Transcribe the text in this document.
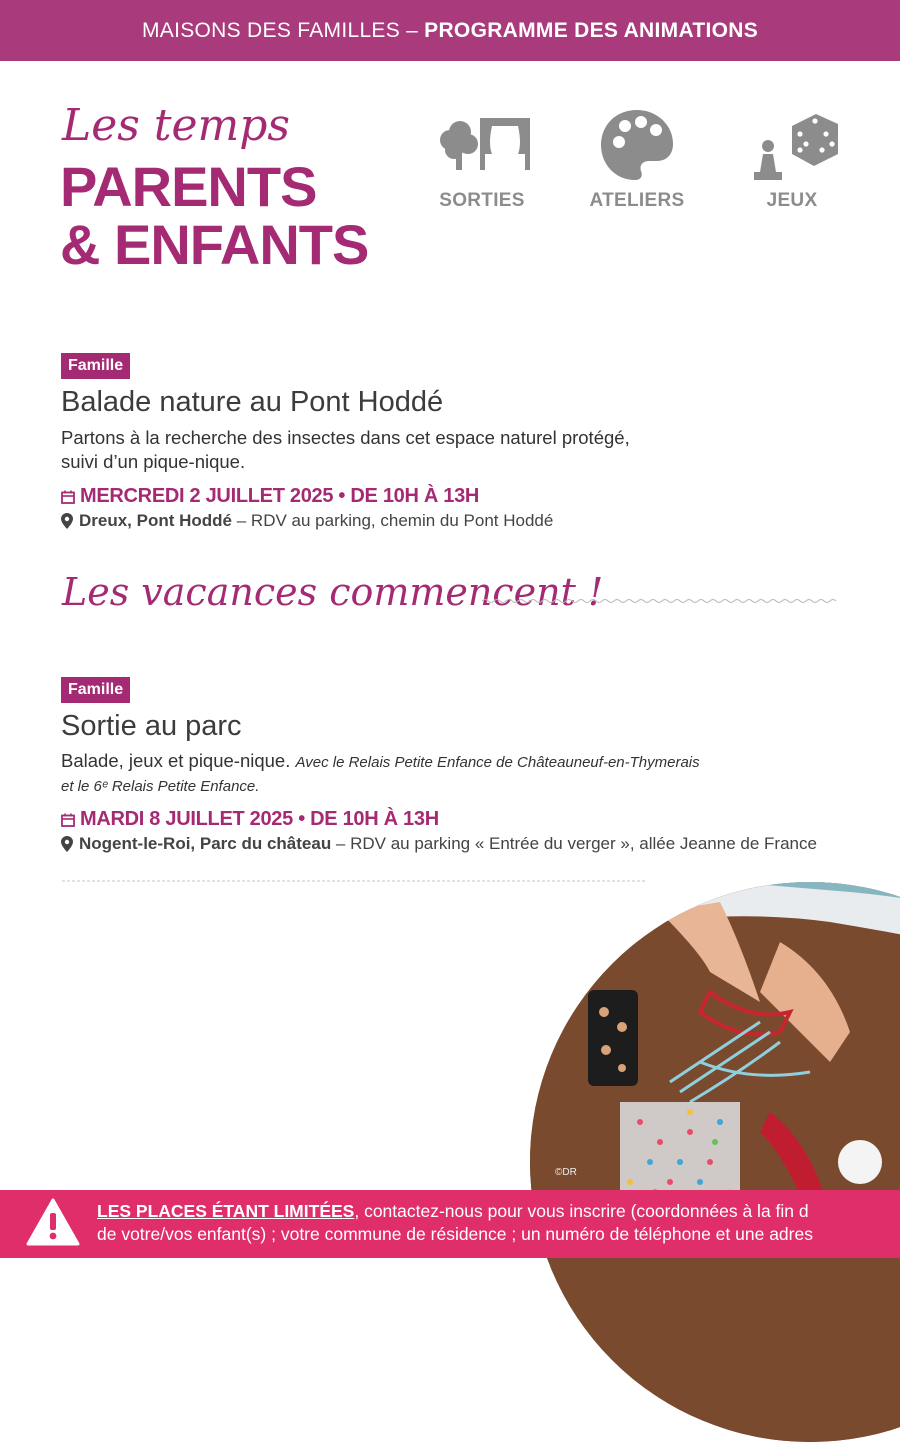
MAISONS DES FAMILLES – PROGRAMME DES ANIMATIONS
Les temps
PARENTS
& ENFANTS
SORTIES	ATELIERS	JEUX
Famille
Balade nature au Pont Hoddé
Partons à la recherche des insectes dans cet espace naturel protégé,
suivi d’un pique-nique.
MERCREDI 2 JUILLET 2025 • DE 10H À 13H
Dreux, Pont Hoddé – RDV au parking, chemin du Pont Hoddé
Les vacances commencent !
Famille
Sortie au parc
Balade, jeux et pique-nique. Avec le Relais Petite Enfance de Châteauneuf-en-Thymerais
et le 6ᵉ Relais Petite Enfance.
MARDI 8 JUILLET 2025 • DE 10H À 13H
Nogent-le-Roi, Parc du château – RDV au parking « Entrée du verger », allée Jeanne de France
©DR
LES PLACES ÉTANT LIMITÉES, contactez-nous pour vous inscrire (coordonnées à la fin d
de votre/vos enfant(s) ; votre commune de résidence ; un numéro de téléphone et une adres
